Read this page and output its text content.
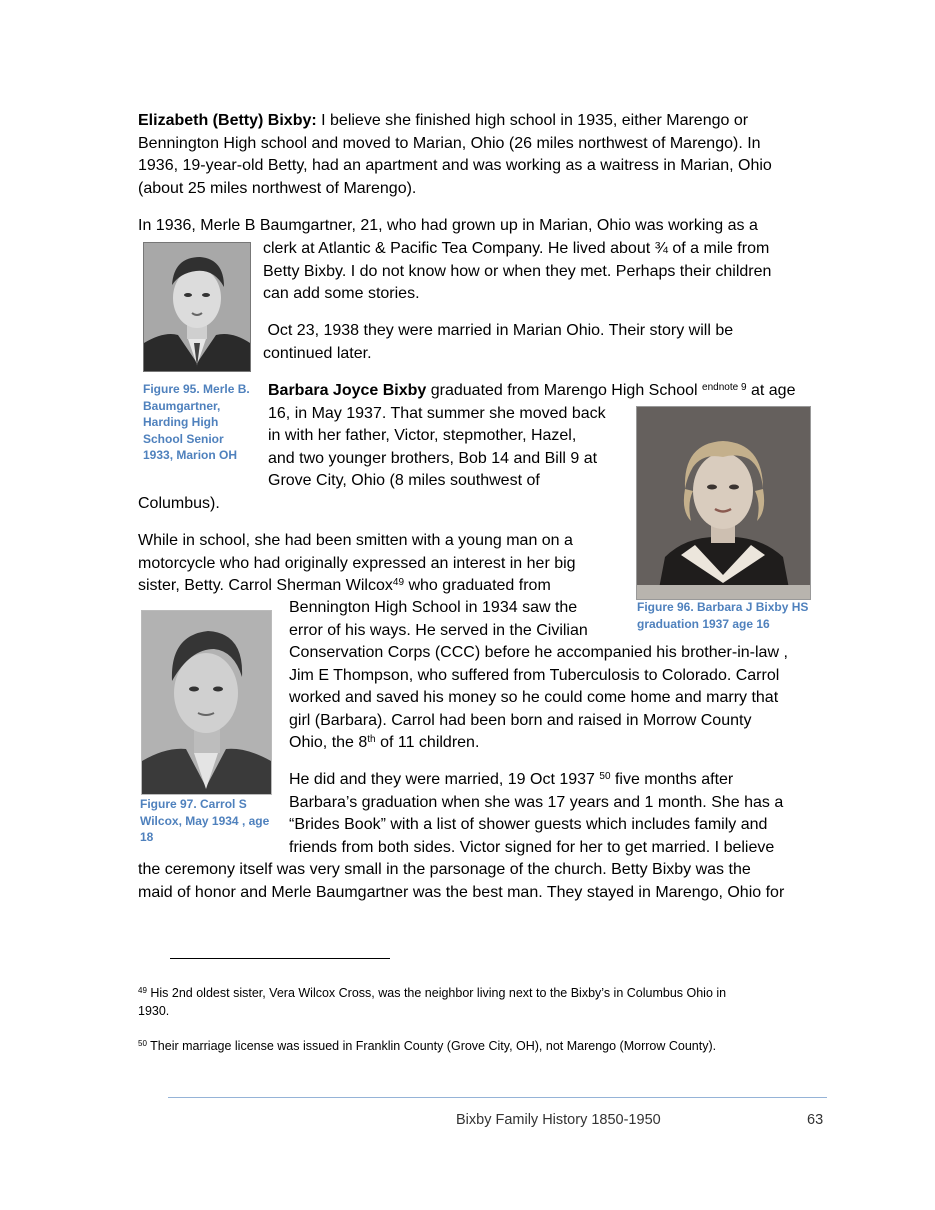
Elizabeth (Betty) Bixby: I believe she finished high school in 1935, either Marengo or
Bennington High school and moved to Marian, Ohio (26 miles northwest of Marengo). In
1936, 19-year-old Betty, had an apartment and was working as a waitress in Marian, Ohio
(about 25 miles northwest of Marengo).
In 1936, Merle B Baumgartner, 21, who had grown up in Marian, Ohio was working as a
clerk at Atlantic & Pacific Tea Company. He lived about ¾ of a mile from
Betty Bixby. I do not know how or when they met. Perhaps their children
can add some stories.
Figure 95. Merle B.
Baumgartner,
Harding High
School Senior
1933, Marion OH
Oct 23, 1938 they were married in Marian Ohio. Their story will be
continued later.
Barbara Joyce Bixby graduated from Marengo High School $^{endnote 9}$ at age
16, in May 1937. That summer she moved back
in with her father, Victor, stepmother, Hazel,
and two younger brothers, Bob 14 and Bill 9 at
Grove City, Ohio (8 miles southwest of
Columbus).
Figure 96. Barbara J Bixby HS
graduation 1937 age 16
While in school, she had been smitten with a young man on a
motorcycle who had originally expressed an interest in her big
sister, Betty. Carrol Sherman Wilcox$^{49}$ who graduated from
Bennington High School in 1934 saw the
error of his ways. He served in the Civilian
Conservation Corps (CCC) before he accompanied his brother-in-law ,
Jim E Thompson, who suffered from Tuberculosis to Colorado. Carrol
worked and saved his money so he could come home and marry that
girl (Barbara). Carrol had been born and raised in Morrow County
Ohio, the 8th of 11 children.
Figure 97. Carrol S
Wilcox, May 1934 , age
18
He did and they were married, 19 Oct 1937 $^{50}$ five months after
Barbara’s graduation when she was 17 years and 1 month. She has a
“Brides Book” with a list of shower guests which includes family and
friends from both sides. Victor signed for her to get married. I believe
the ceremony itself was very small in the parsonage of the church. Betty Bixby was the
maid of honor and Merle Baumgartner was the best man. They stayed in Marengo, Ohio for
$^{49}$ His 2nd oldest sister, Vera Wilcox Cross, was the neighbor living next to the Bixby’s in Columbus Ohio in
1930.
$^{50}$ Their marriage license was issued in Franklin County (Grove City, OH), not Marengo (Morrow County).
Bixby Family History 1850-1950	63
